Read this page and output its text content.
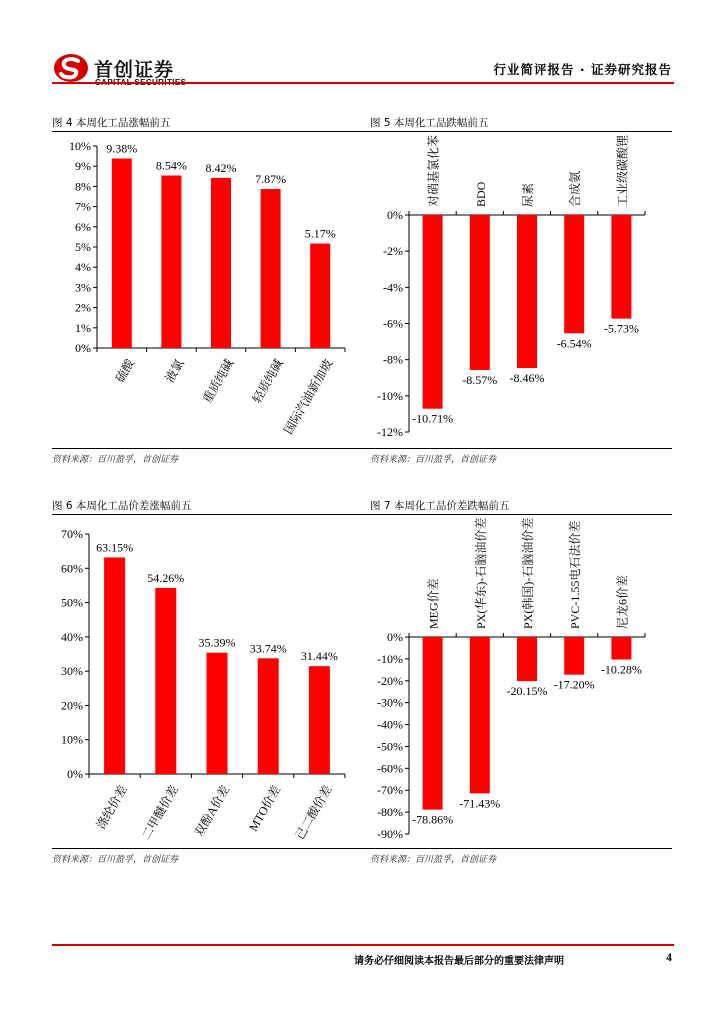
首创证券	行业简评报告 · 证券研究报告
图 4 本周化工品涨幅前五	图 5 本周化工品跌幅前五
图 6 本周化工品价差涨幅前五	图 7 本周化工品价差跌幅前五
0%
1%
2%
3%
4%
5%
6%
7%
8%
9%
10% 9.38%
硫酸
8.54%
液氯
8.42%
重质纯碱
7.87%
轻质纯碱
5.17%
国际汽油新加坡	-12%
-10%
-8%
-6%
-4%
-2%
0%
-10.71%
对硝基氯化苯
-8.57%
BDO
-8.46%
尿素
-6.54%
合成氨
-5.73%
工业级碳酸锂
0%
10%
20%
30%
40%
50%
60%
70%
63.15%
涤纶价差
54.26%
二甲醚价差
35.39%
双酚A价差
33.74%
MTO价差
31.44%
己二酸价差	-90%
-80%
-70%
-60%
-50%
-40%
-30%
-20%
-10%
0%
-78.86%
MEG价差
-71.43%
PX(华东)-石脑油价差
-20.15%
PX(韩国)-石脑油价差
-17.20%
PVC-1.55电石法价差
-10.28%
尼龙6价差
资料来源：百川盈孚，首创证券	资料来源：百川盈孚，首创证券
资料来源：百川盈孚，首创证券	资料来源：百川盈孚，首创证券
请务必仔细阅读本报告最后部分的重要法律声明	4
